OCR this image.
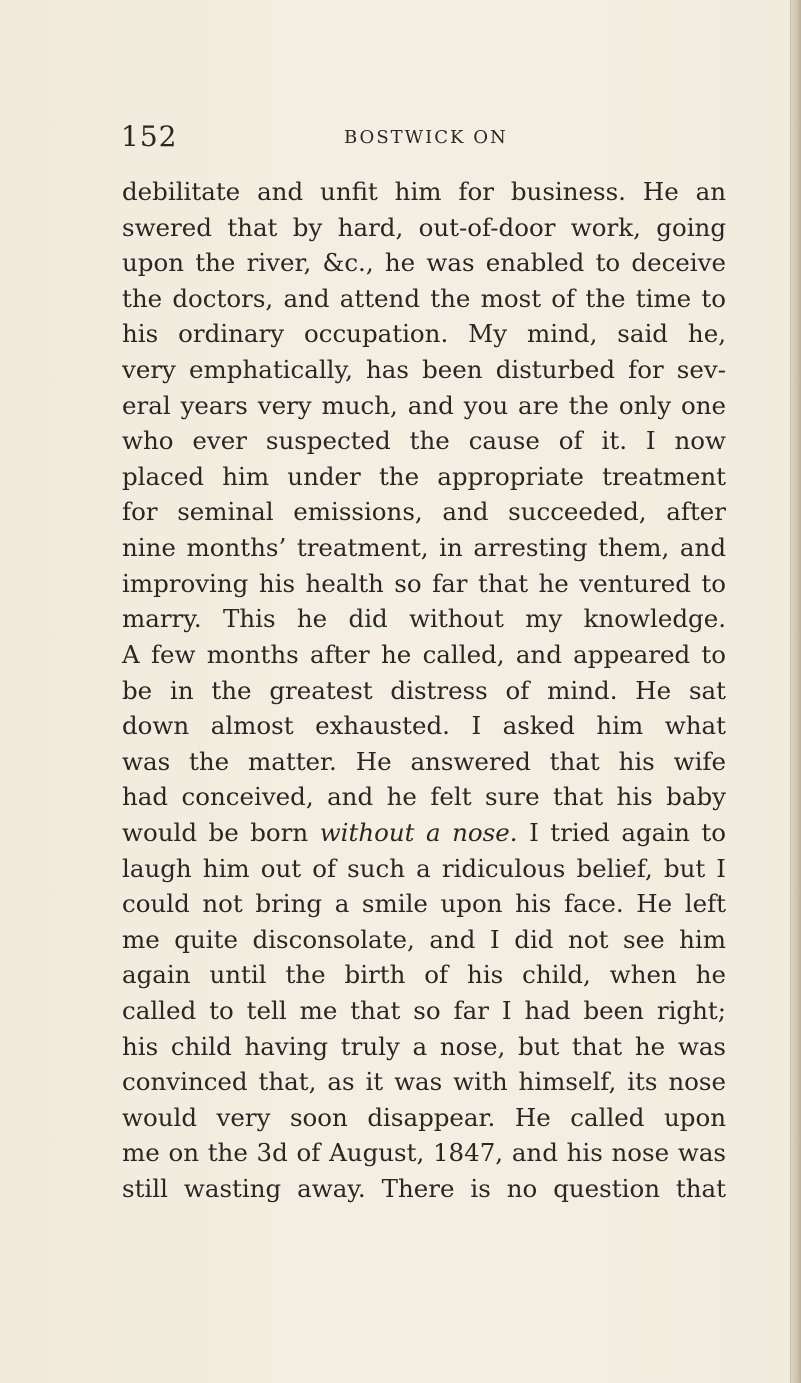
152	BOSTWICK ON
debilitate and unfit him for business. He an
swered that by hard, out-of-door work, going
upon the river, &c., he was enabled to deceive
the doctors, and attend the most of the time to
his ordinary occupation. My mind, said he,
very emphatically, has been disturbed for sev-
eral years very much, and you are the only one
who ever suspected the cause of it. I now
placed him under the appropriate treatment
for seminal emissions, and succeeded, after
nine months’ treatment, in arresting them, and
improving his health so far that he ventured to
marry. This he did without my knowledge.
A few months after he called, and appeared to
be in the greatest distress of mind. He sat
down almost exhausted. I asked him what
was the matter. He answered that his wife
had conceived, and he felt sure that his baby
would be born without a nose. I tried again to
laugh him out of such a ridiculous belief, but I
could not bring a smile upon his face. He left
me quite disconsolate, and I did not see him
again until the birth of his child, when he
called to tell me that so far I had been right;
his child having truly a nose, but that he was
convinced that, as it was with himself, its nose
would very soon disappear. He called upon
me on the 3d of August, 1847, and his nose was
still wasting away. There is no question that
